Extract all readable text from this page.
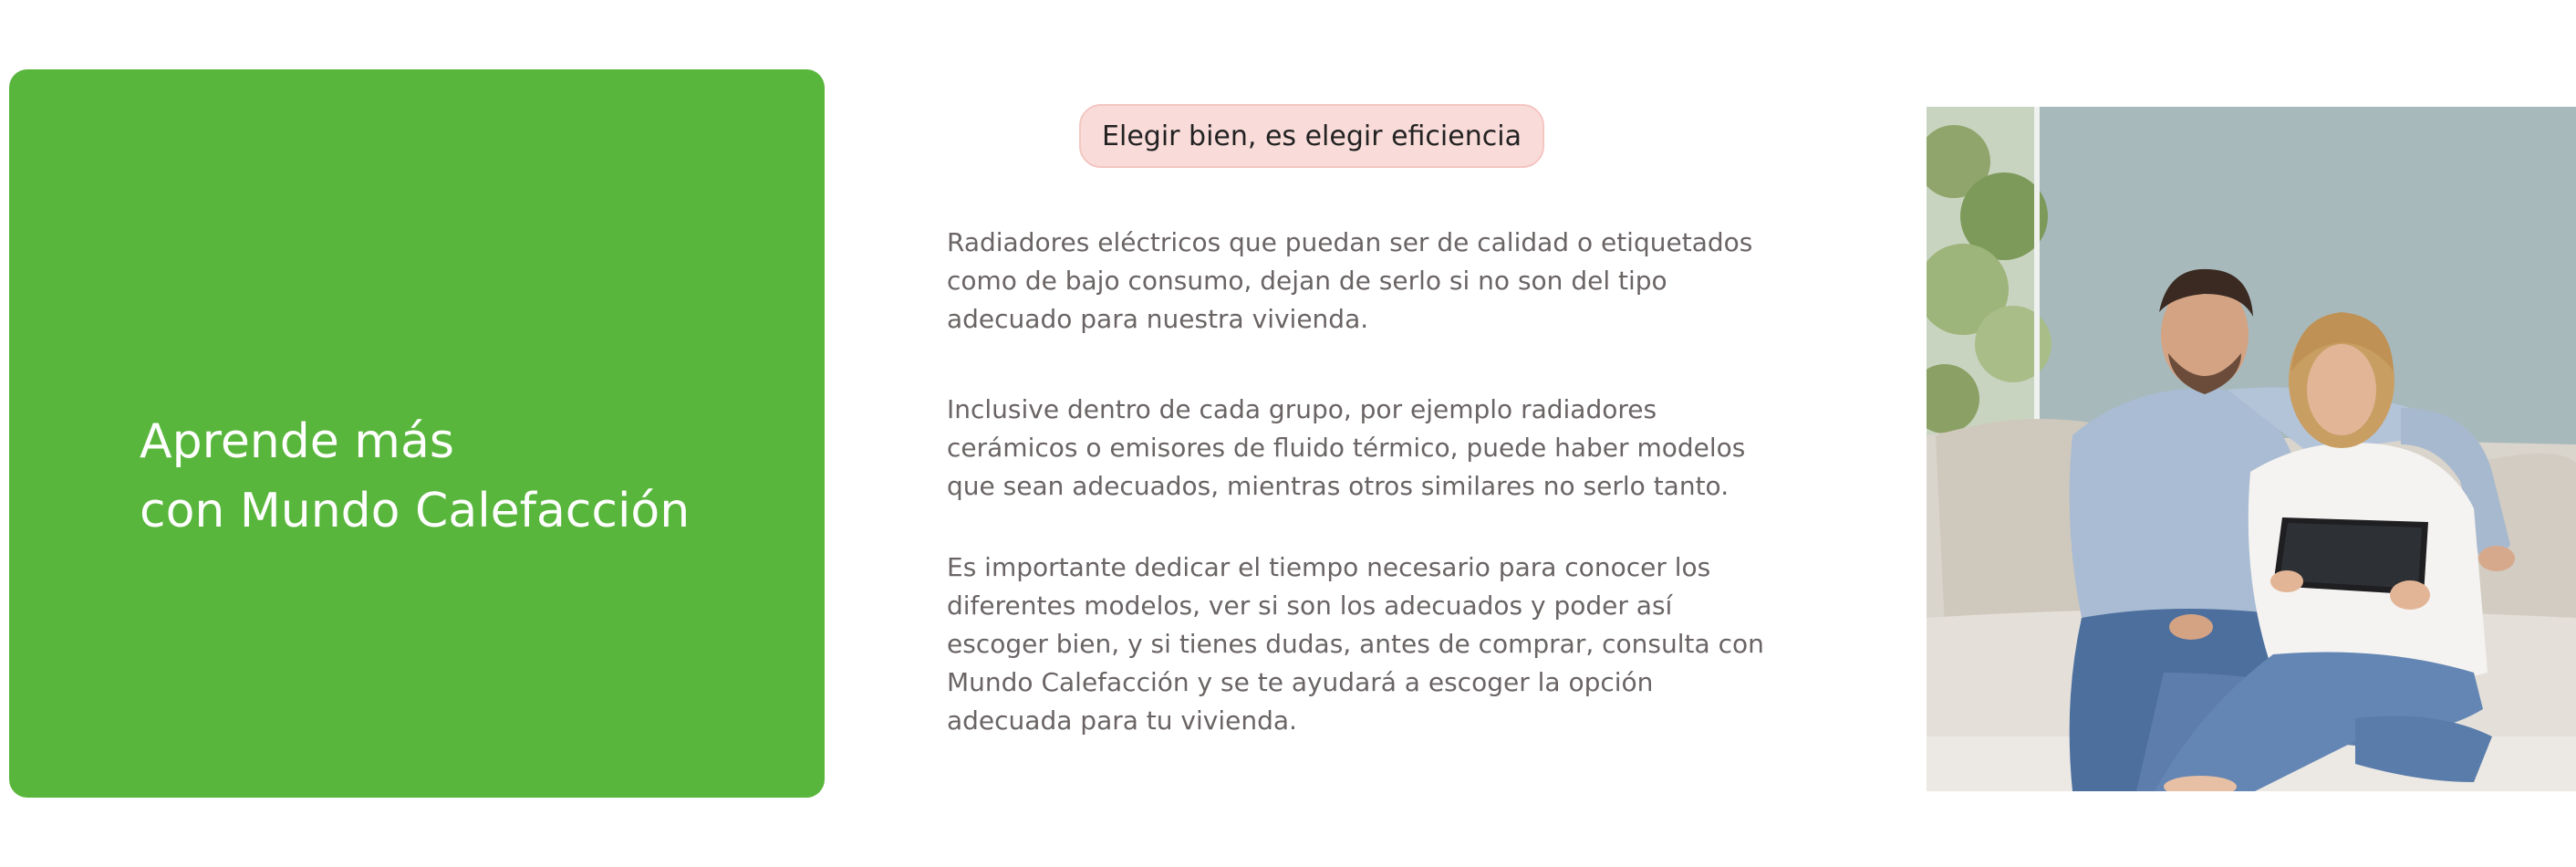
Aprende más
con Mundo Calefacción
Elegir bien, es elegir eficiencia

Radiadores eléctricos que puedan ser de calidad o etiquetados
como de bajo consumo, dejan de serlo si no son del tipo
adecuado para nuestra vivienda.

Inclusive dentro de cada grupo, por ejemplo radiadores
cerámicos o emisores de fluido térmico, puede haber modelos
que sean adecuados, mientras otros similares no serlo tanto.

Es importante dedicar el tiempo necesario para conocer los
diferentes modelos, ver si son los adecuados y poder así
escoger bien, y si tienes dudas, antes de comprar, consulta con
Mundo Calefacción y se te ayudará a escoger la opción
adecuada para tu vivienda.
